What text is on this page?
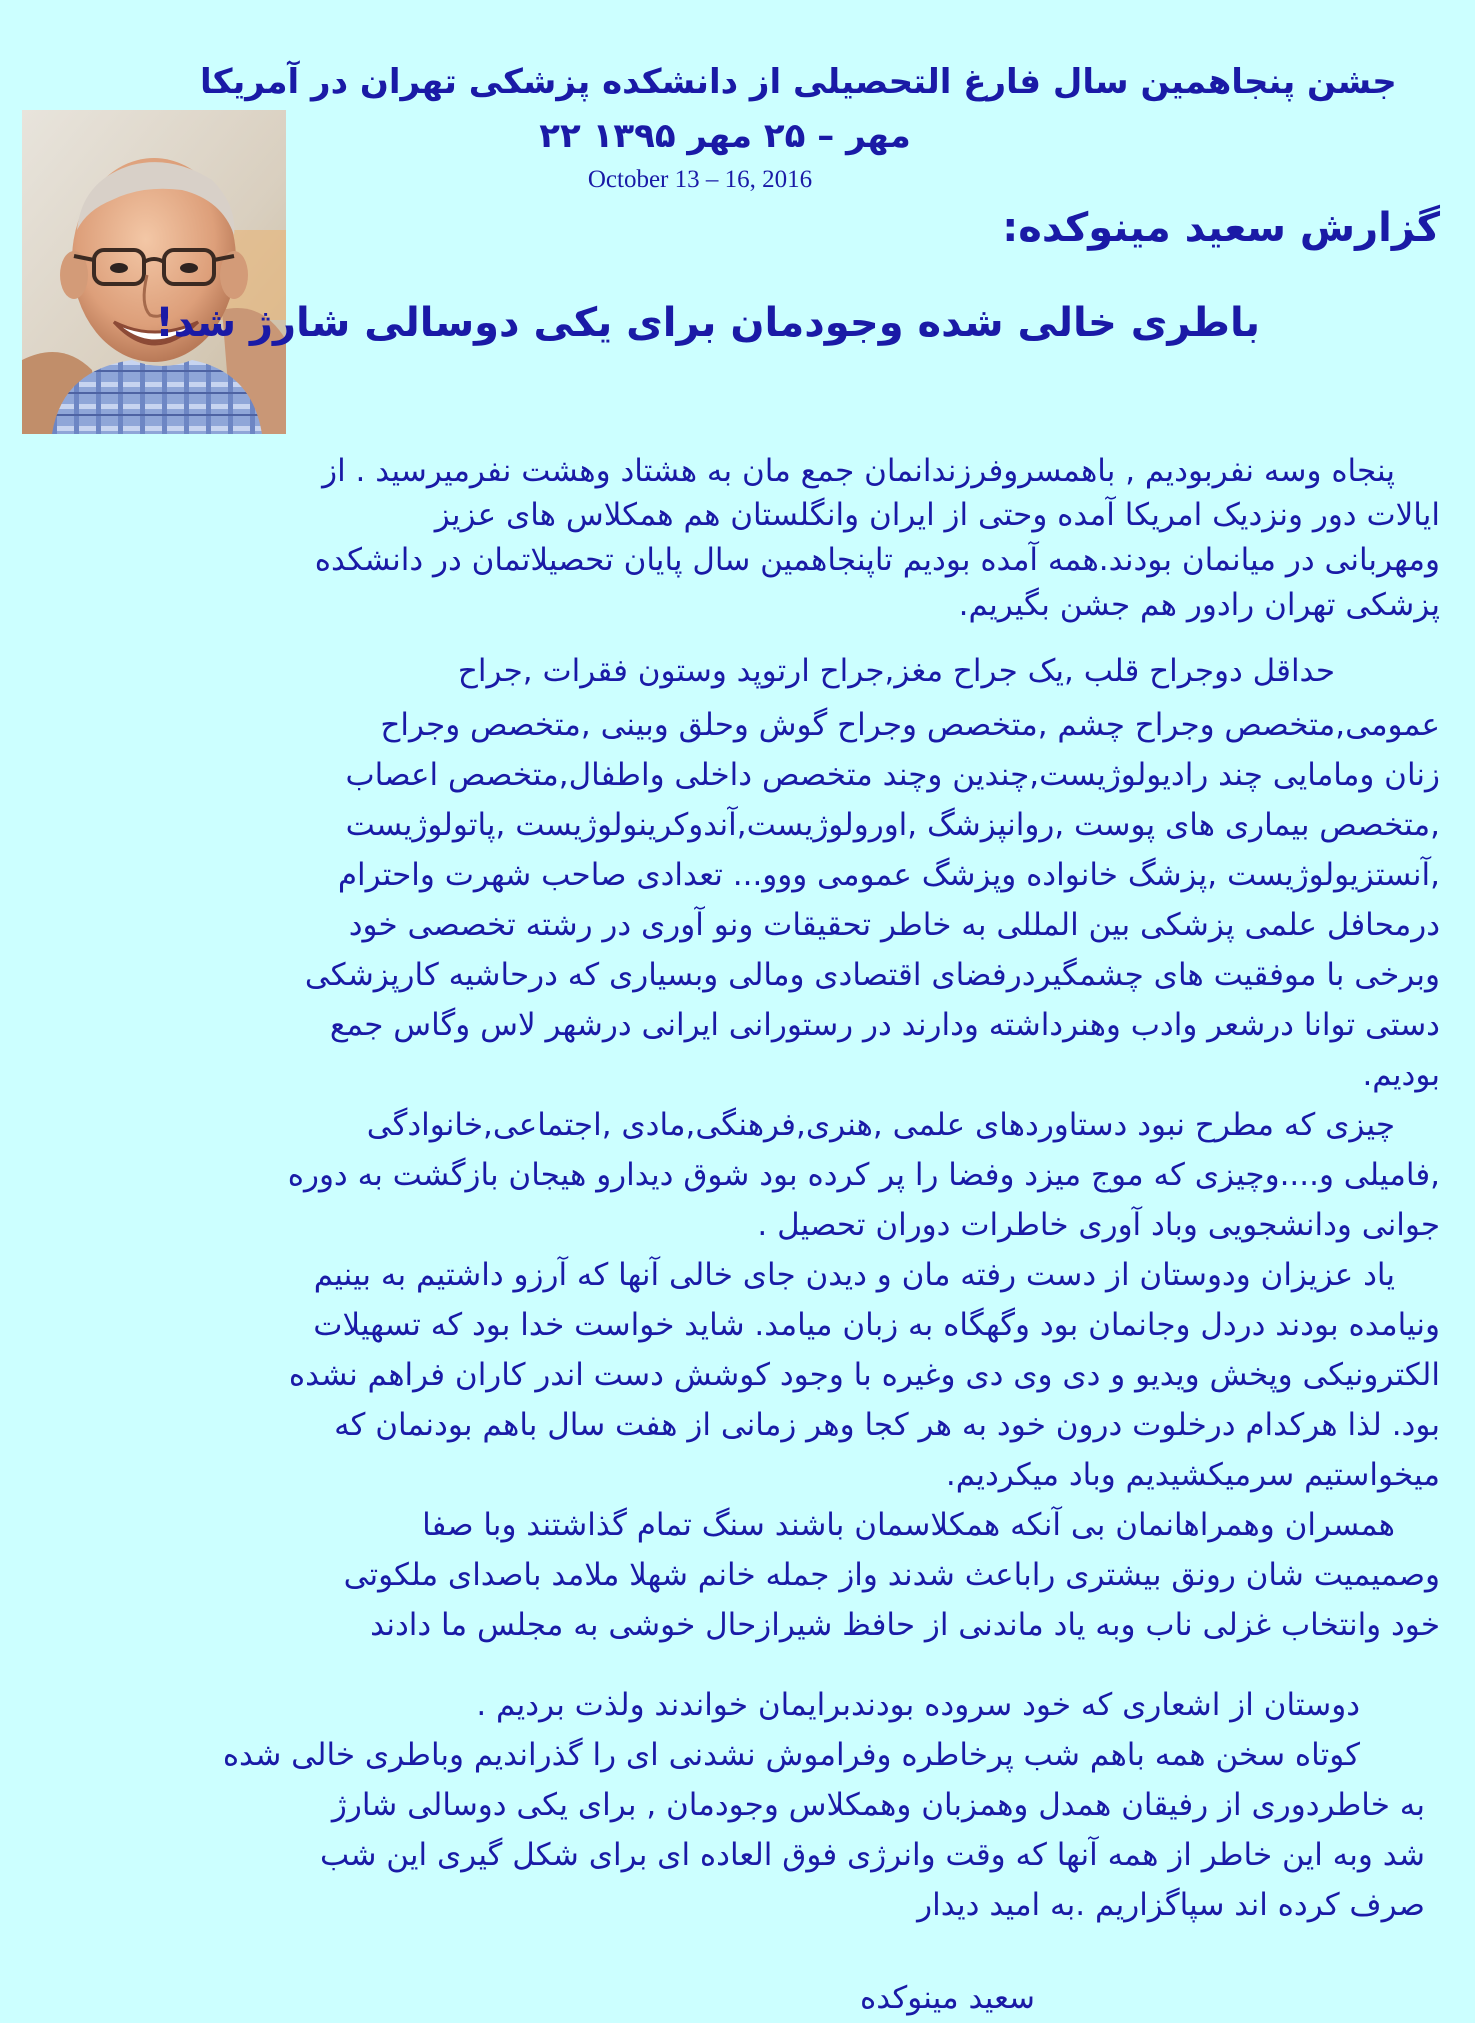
جشن پنجاهمین سال فارغ التحصیلی از دانشکده پزشکی تهران در آمریکا
۲۲ مهر – ۲۵ مهر ۱۳۹۵
October 13 – 16, 2016
گزارش سعید مینوکده:
باطری خالی شده وجودمان برای یکی دوسالی شارژ شد!
پنجاه وسه نفربودیم , باهمسروفرزندانمان جمع مان به هشتاد وهشت نفرمیرسید . از
ایالات دور ونزدیک امریکا آمده وحتی از ایران وانگلستان هم همکلاس های عزیز
ومهربانی در میانمان بودند.همه آمده بودیم تاپنجاهمین سال پایان تحصیلاتمان در دانشکده
پزشکی تهران رادور هم جشن بگیریم.
حداقل دوجراح قلب ,یک جراح مغز,جراح ارتوپد وستون فقرات ,جراح
عمومی,متخصص وجراح چشم ,متخصص وجراح گوش وحلق وبینی ,متخصص وجراح
زنان ومامایی چند رادیولوژیست,چندین وچند متخصص داخلی واطفال,متخصص اعصاب
,متخصص بیماری های پوست ,روانپزشگ ,اورولوژیست,آندوکرینولوژیست ,پاتولوژیست
,آنستزیولوژیست ,پزشگ خانواده وپزشگ عمومی ووو... تعدادی صاحب شهرت واحترام
درمحافل علمی پزشکی بین المللی به خاطر تحقیقات ونو آوری در رشته تخصصی خود
وبرخی با موفقیت های چشمگیردرفضای اقتصادی ومالی وبسیاری که درحاشیه کارپزشکی
دستی توانا درشعر وادب وهنرداشته ودارند در رستورانی ایرانی درشهر لاس وگاس جمع
بودیم.
چیزی که مطرح نبود دستاوردهای علمی ,هنری,فرهنگی,مادی ,اجتماعی,خانوادگی
,فامیلی و....وچیزی که موج میزد وفضا را پر کرده بود شوق دیدارو هیجان بازگشت به دوره
جوانی ودانشجویی وباد آوری خاطرات دوران تحصیل .
یاد عزیزان ودوستان از دست رفته مان و دیدن جای خالی آنها که آرزو داشتیم به بینیم
ونیامده بودند دردل وجانمان بود وگهگاه به زبان میامد. شاید خواست خدا بود که تسهیلات
الکترونیکی وپخش ویدیو و دی وی دی وغیره با وجود کوشش دست اندر کاران فراهم نشده
بود. لذا هرکدام درخلوت درون خود به هر کجا وهر زمانی از هفت سال باهم بودنمان که
میخواستیم سرمیکشیدیم وباد میکردیم.
همسران وهمراهانمان بی آنکه همکلاسمان باشند سنگ تمام گذاشتند وبا صفا
وصمیمیت شان رونق بیشتری راباعث شدند واز جمله خانم شهلا ملامد باصدای ملکوتی
خود وانتخاب غزلی ناب وبه یاد ماندنی از حافظ شیرازحال خوشی به مجلس ما دادند
دوستان از اشعاری که خود سروده بودندبرایمان خواندند ولذت بردیم .
کوتاه سخن همه باهم شب پرخاطره وفراموش نشدنی ای را گذراندیم وباطری خالی شده
به خاطردوری از رفیقان همدل وهمزبان وهمکلاس وجودمان , برای یکی دوسالی شارژ
شد وبه این خاطر از همه آنها که وقت وانرژی فوق العاده ای برای شکل گیری این شب
صرف کرده اند سپاگزاریم .به امید دیدار
سعید مینوکده
